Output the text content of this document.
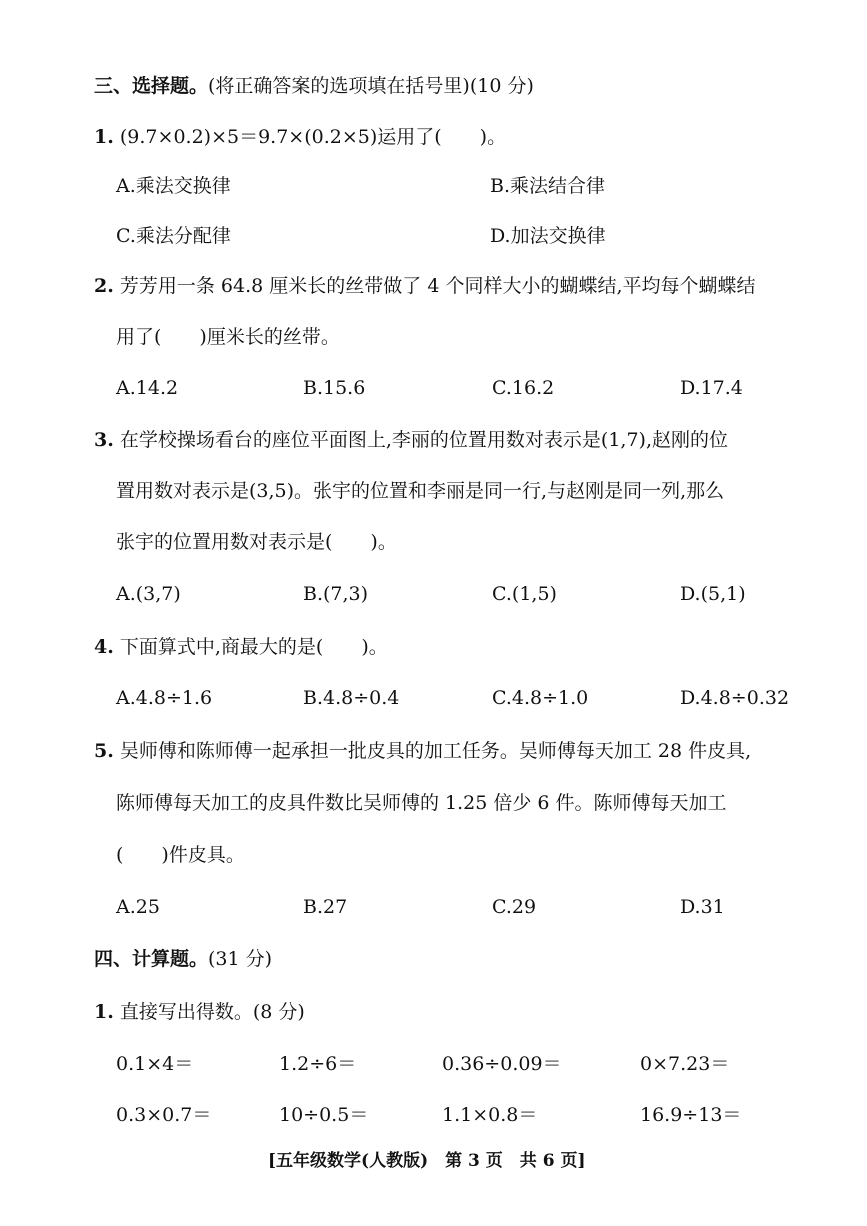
三、选择题。(将正确答案的选项填在括号里)(10 分)
1. (9.7×0.2)×5＝9.7×(0.2×5)运用了(　　)。
A.乘法交换律	B.乘法结合律
C.乘法分配律	D.加法交换律
2. 芳芳用一条 64.8 厘米长的丝带做了 4 个同样大小的蝴蝶结,平均每个蝴蝶结
用了(　　)厘米长的丝带。
A.14.2	B.15.6	C.16.2	D.17.4
3. 在学校操场看台的座位平面图上,李丽的位置用数对表示是(1,7),赵刚的位
置用数对表示是(3,5)。张宇的位置和李丽是同一行,与赵刚是同一列,那么
张宇的位置用数对表示是(　　)。
A.(3,7)	B.(7,3)	C.(1,5)	D.(5,1)
4. 下面算式中,商最大的是(　　)。
A.4.8÷1.6	B.4.8÷0.4	C.4.8÷1.0	D.4.8÷0.32
5. 吴师傅和陈师傅一起承担一批皮具的加工任务。吴师傅每天加工 28 件皮具,
陈师傅每天加工的皮具件数比吴师傅的 1.25 倍少 6 件。陈师傅每天加工
(　　)件皮具。
A.25	B.27	C.29	D.31
四、计算题。(31 分)
1. 直接写出得数。(8 分)
0.1×4＝	1.2÷6＝	0.36÷0.09＝	0×7.23＝
0.3×0.7＝	10÷0.5＝	1.1×0.8＝	16.9÷13＝
[五年级数学(人教版)　第 3 页　共 6 页]
